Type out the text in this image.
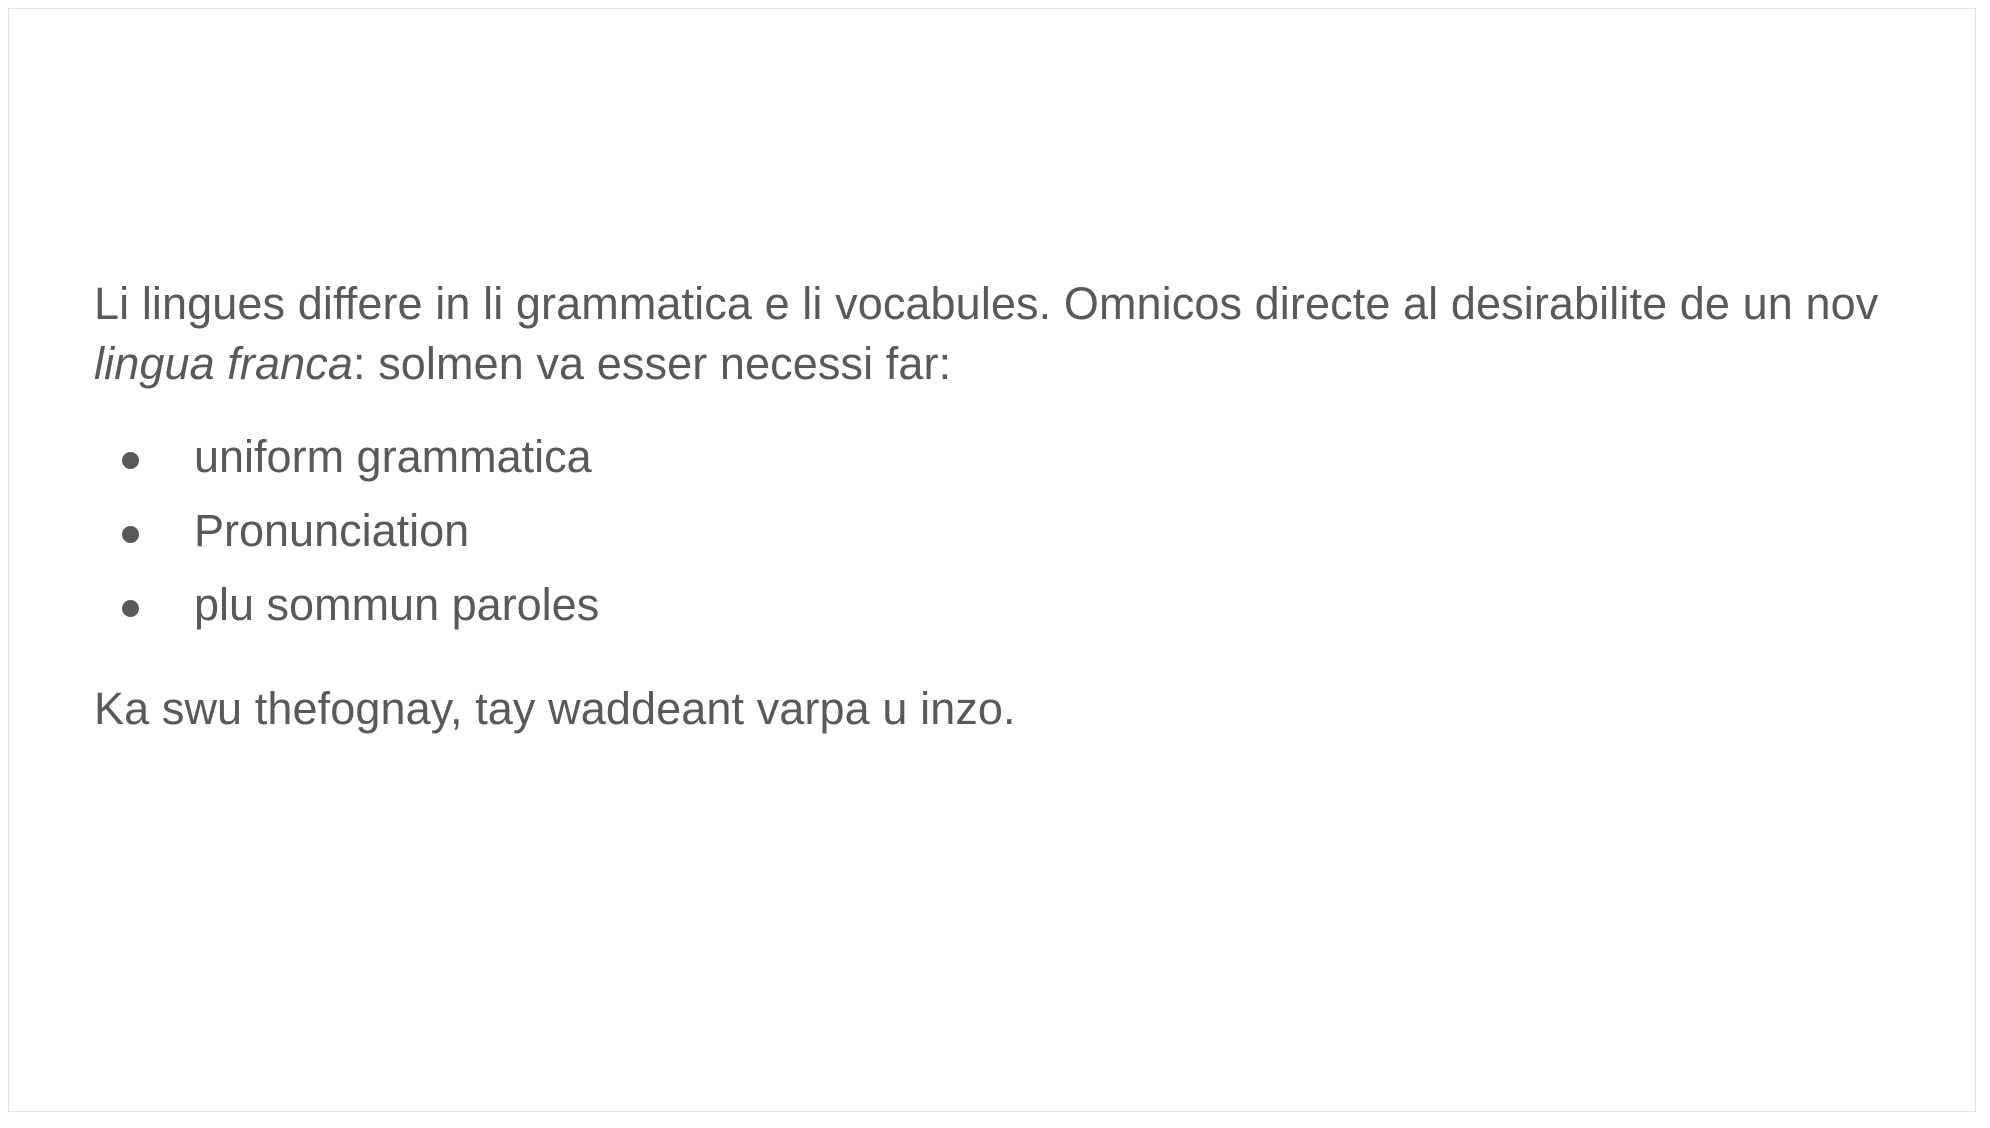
Li lingues differe in li grammatica e li vocabules. Omnicos directe al desirabilite de un nov lingua franca: solmen va esser necessi far:

uniform grammatica
Pronunciation
plu sommun paroles

Ka swu thefognay, tay waddeant varpa u inzo.
